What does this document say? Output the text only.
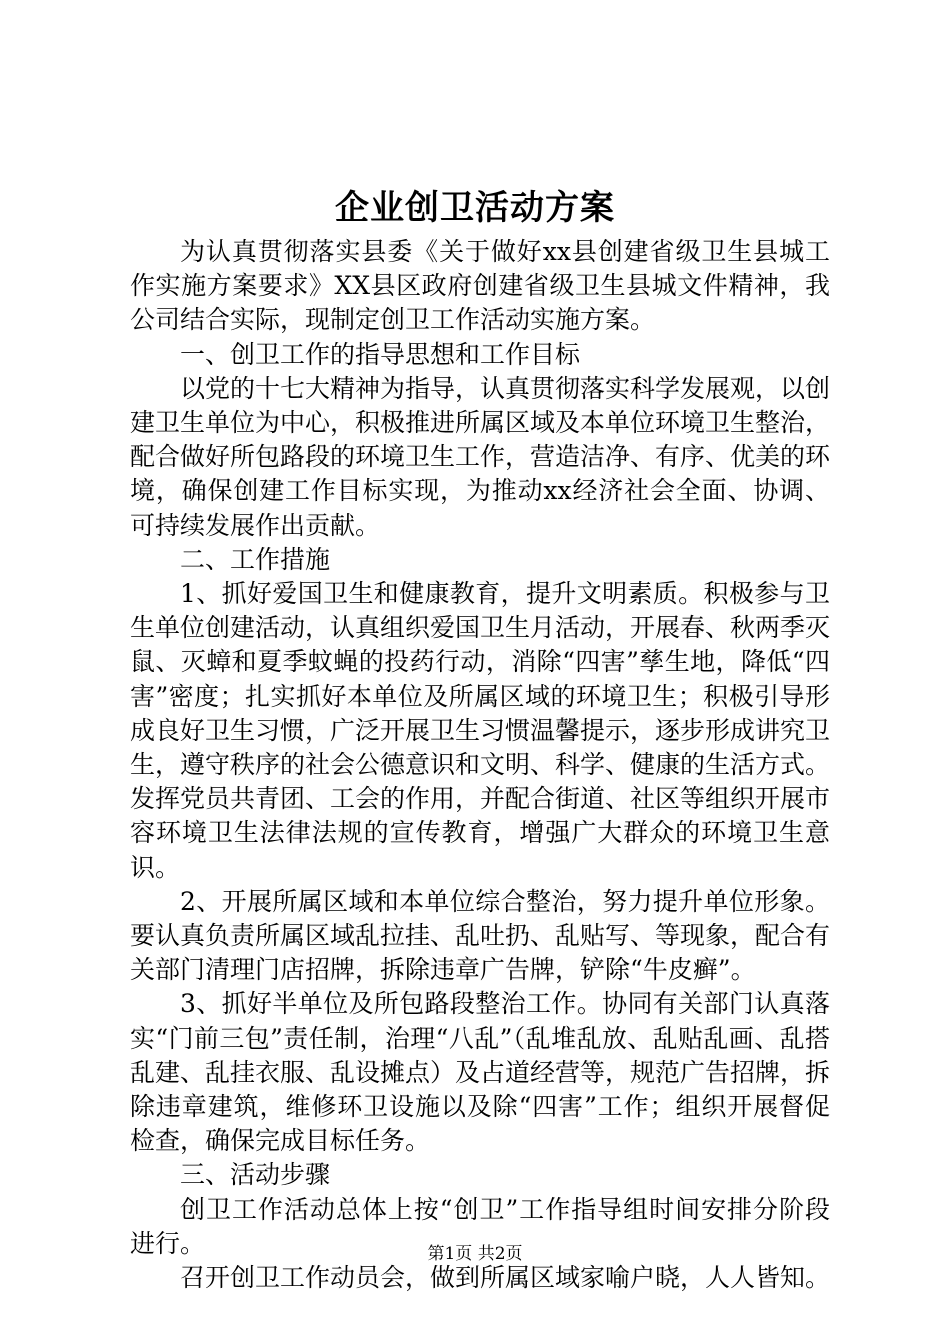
企业创卫活动方案

为认真贯彻落实县委《关于做好xx县创建省级卫生县城工作实施方案要求》XX县区政府创建省级卫生县城文件精神，我公司结合实际，现制定创卫工作活动实施方案。

一、创卫工作的指导思想和工作目标

以党的十七大精神为指导，认真贯彻落实科学发展观，以创建卫生单位为中心，积极推进所属区域及本单位环境卫生整治，配合做好所包路段的环境卫生工作，营造洁净、有序、优美的环境，确保创建工作目标实现，为推动xx经济社会全面、协调、可持续发展作出贡献。

二、工作措施

1、抓好爱国卫生和健康教育，提升文明素质。积极参与卫生单位创建活动，认真组织爱国卫生月活动，开展春、秋两季灭鼠、灭蟑和夏季蚊蝇的投药行动，消除“四害”孳生地，降低“四害”密度；扎实抓好本单位及所属区域的环境卫生；积极引导形成良好卫生习惯，广泛开展卫生习惯温馨提示，逐步形成讲究卫生，遵守秩序的社会公德意识和文明、科学、健康的生活方式。发挥党员共青团、工会的作用，并配合街道、社区等组织开展市容环境卫生法律法规的宣传教育，增强广大群众的环境卫生意识。

2、开展所属区域和本单位综合整治，努力提升单位形象。要认真负责所属区域乱拉挂、乱吐扔、乱贴写、等现象，配合有关部门清理门店招牌，拆除违章广告牌，铲除“牛皮癣”。

3、抓好半单位及所包路段整治工作。协同有关部门认真落实“门前三包”责任制，治理“八乱”（乱堆乱放、乱贴乱画、乱搭乱建、乱挂衣服、乱设摊点）及占道经营等，规范广告招牌，拆除违章建筑，维修环卫设施以及除“四害”工作；组织开展督促检查，确保完成目标任务。

三、活动步骤

创卫工作活动总体上按“创卫”工作指导组时间安排分阶段进行。

召开创卫工作动员会，做到所属区域家喻户晓，人人皆知。

第1页 共2页
